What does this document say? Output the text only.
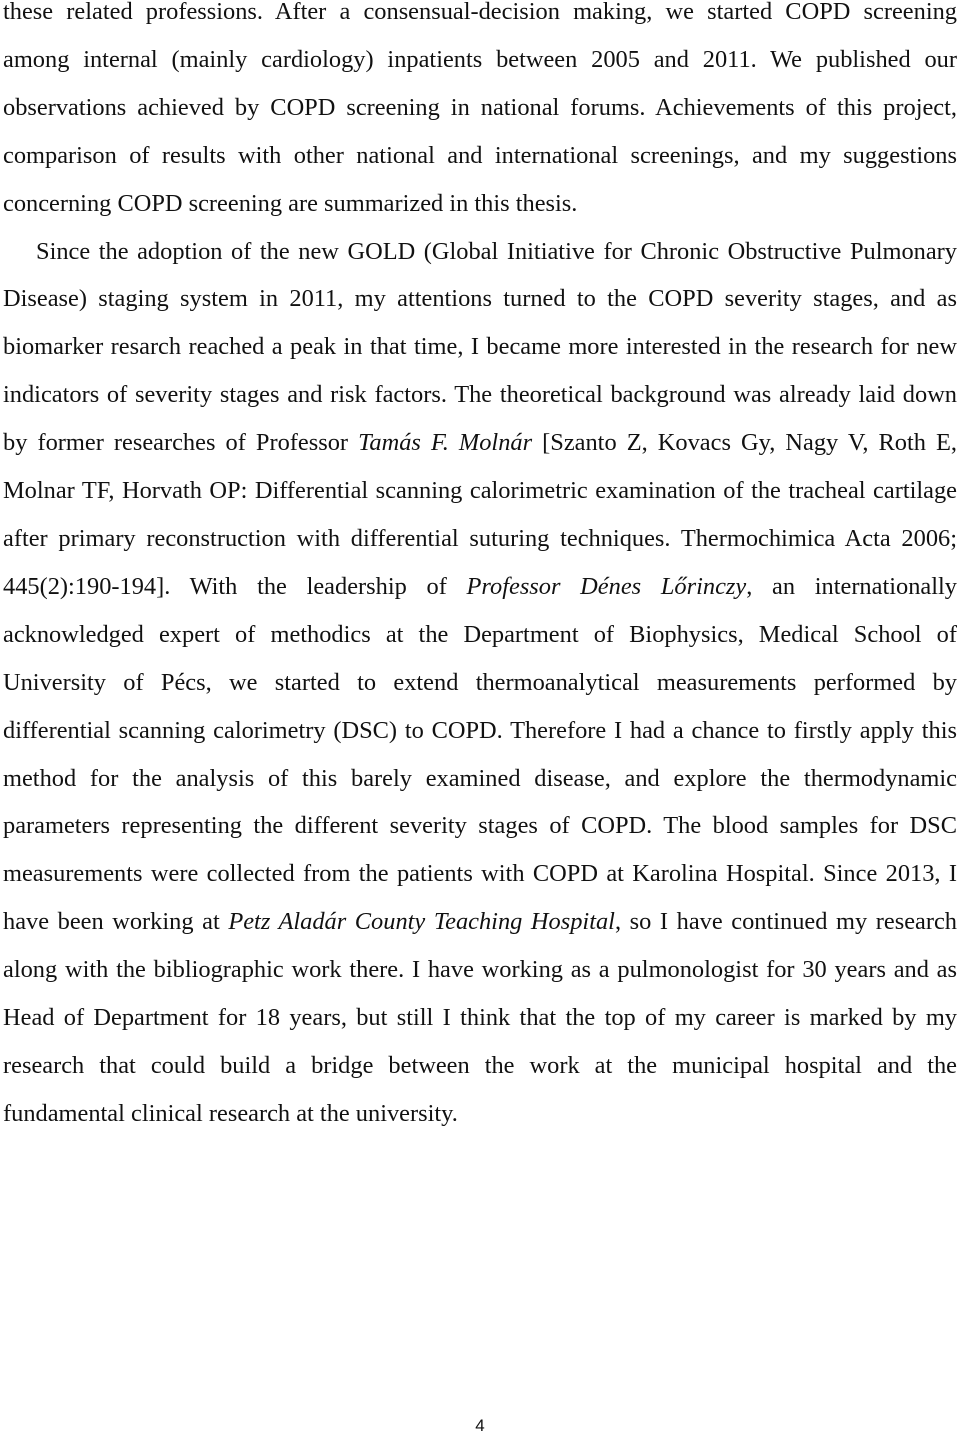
these related professions. After a consensual-decision making, we started COPD screening among internal (mainly cardiology) inpatients between 2005 and 2011. We published our observations achieved by COPD screening in national forums. Achievements of this project, comparison of results with other national and international screenings, and my suggestions concerning COPD screening are summarized in this thesis.

Since the adoption of the new GOLD (Global Initiative for Chronic Obstructive Pulmonary Disease) staging system in 2011, my attentions turned to the COPD severity stages, and as biomarker resarch reached a peak in that time, I became more interested in the research for new indicators of severity stages and risk factors. The theoretical background was already laid down by former researches of Professor Tamás F. Molnár [Szanto Z, Kovacs Gy, Nagy V, Roth E, Molnar TF, Horvath OP: Differential scanning calorimetric examination of the tracheal cartilage after primary reconstruction with differential suturing techniques. Thermochimica Acta 2006; 445(2):190-194]. With the leadership of Professor Dénes Lőrinczy, an internationally acknowledged expert of methodics at the Department of Biophysics, Medical School of University of Pécs, we started to extend thermoanalytical measurements performed by differential scanning calorimetry (DSC) to COPD. Therefore I had a chance to firstly apply this method for the analysis of this barely examined disease, and explore the thermodynamic parameters representing the different severity stages of COPD. The blood samples for DSC measurements were collected from the patients with COPD at Karolina Hospital. Since 2013, I have been working at Petz Aladár County Teaching Hospital, so I have continued my research along with the bibliographic work there. I have working as a pulmonologist for 30 years and as Head of Department for 18 years, but still I think that the top of my career is marked by my research that could build a bridge between the work at the municipal hospital and the fundamental clinical research at the university.

4
